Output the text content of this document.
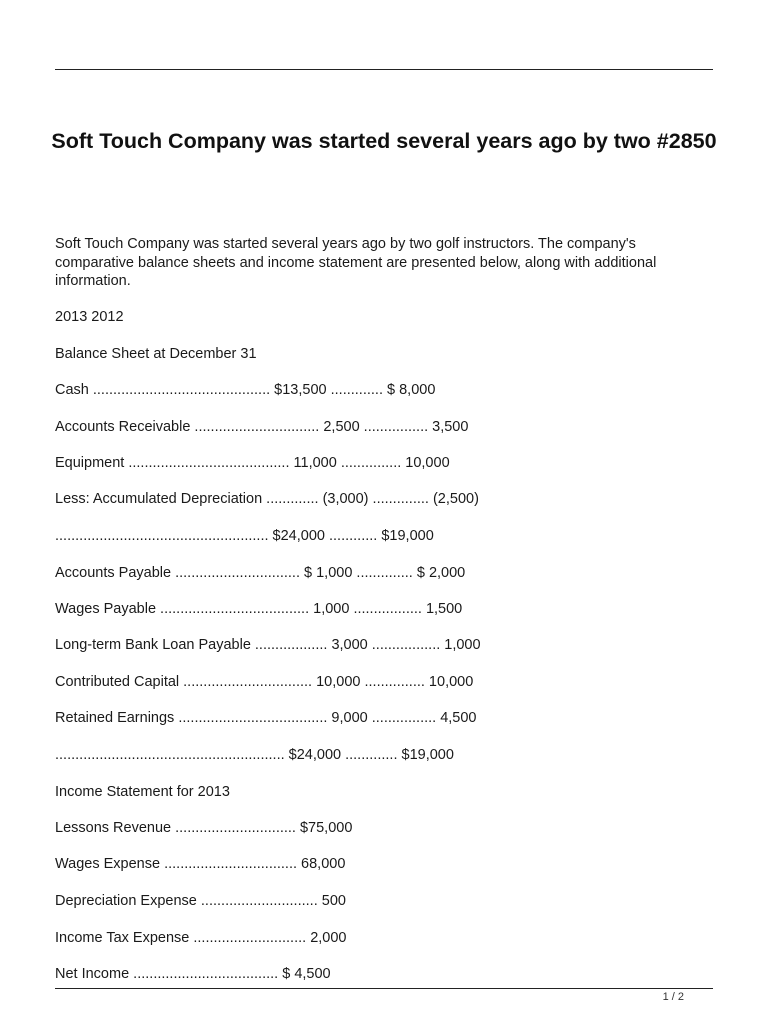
Soft Touch Company was started several years ago by two #2850
Soft Touch Company was started several years ago by two golf instructors. The company's comparative balance sheets and income statement are presented below, along with additional information.
2013 2012
Balance Sheet at December 31
Cash ............................................ $13,500 ............. $ 8,000
Accounts Receivable ............................... 2,500 ................ 3,500
Equipment ........................................ 11,000 ............... 10,000
Less: Accumulated Depreciation ............. (3,000) .............. (2,500)
..................................................... $24,000 ............ $19,000
Accounts Payable ............................... $ 1,000 .............. $ 2,000
Wages Payable ..................................... 1,000 ................. 1,500
Long-term Bank Loan Payable .................. 3,000 ................. 1,000
Contributed Capital ................................ 10,000 ............... 10,000
Retained Earnings ..................................... 9,000 ................ 4,500
......................................................... $24,000 ............. $19,000
Income Statement for 2013
Lessons Revenue .............................. $75,000
Wages Expense ................................. 68,000
Depreciation Expense ............................. 500
Income Tax Expense ............................ 2,000
Net Income .................................... $ 4,500
1 / 2
